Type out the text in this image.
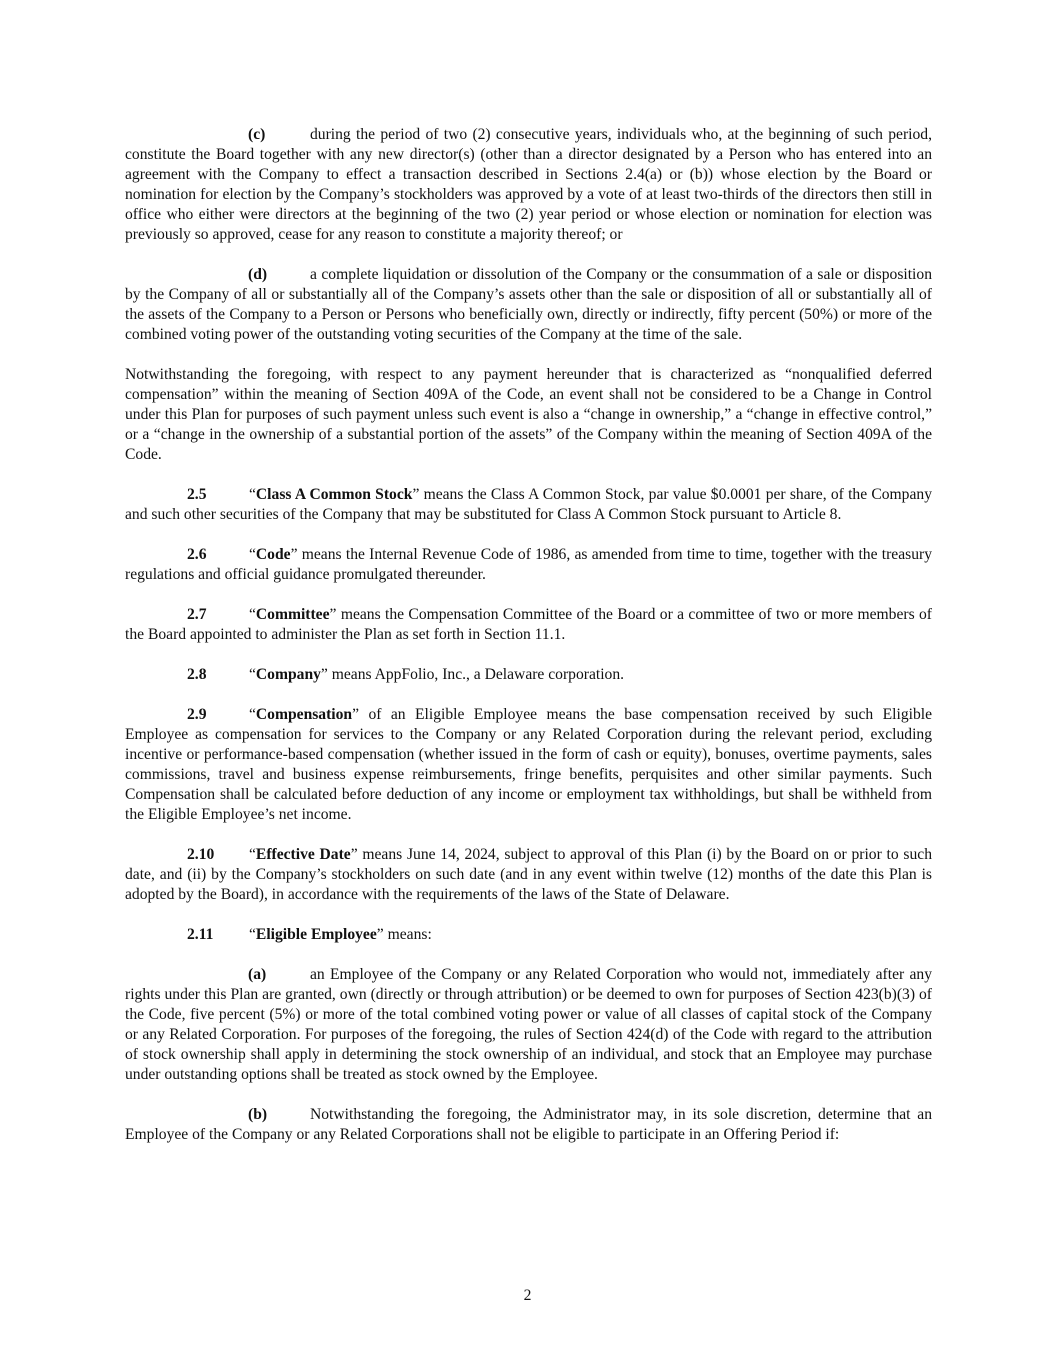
(c)	during the period of two (2) consecutive years, individuals who, at the beginning of such period, constitute the Board together with any new director(s) (other than a director designated by a Person who has entered into an agreement with the Company to effect a transaction described in Sections 2.4(a) or (b)) whose election by the Board or nomination for election by the Company’s stockholders was approved by a vote of at least two-thirds of the directors then still in office who either were directors at the beginning of the two (2) year period or whose election or nomination for election was previously so approved, cease for any reason to constitute a majority thereof; or

(d)	a complete liquidation or dissolution of the Company or the consummation of a sale or disposition by the Company of all or substantially all of the Company’s assets other than the sale or disposition of all or substantially all of the assets of the Company to a Person or Persons who beneficially own, directly or indirectly, fifty percent (50%) or more of the combined voting power of the outstanding voting securities of the Company at the time of the sale.

Notwithstanding the foregoing, with respect to any payment hereunder that is characterized as “nonqualified deferred compensation” within the meaning of Section 409A of the Code, an event shall not be considered to be a Change in Control under this Plan for purposes of such payment unless such event is also a “change in ownership,” a “change in effective control,” or a “change in the ownership of a substantial portion of the assets” of the Company within the meaning of Section 409A of the Code.

2.5	“Class A Common Stock” means the Class A Common Stock, par value $0.0001 per share, of the Company and such other securities of the Company that may be substituted for Class A Common Stock pursuant to Article 8.

2.6	“Code” means the Internal Revenue Code of 1986, as amended from time to time, together with the treasury regulations and official guidance promulgated thereunder.

2.7	“Committee” means the Compensation Committee of the Board or a committee of two or more members of the Board appointed to administer the Plan as set forth in Section 11.1.

2.8	“Company” means AppFolio, Inc., a Delaware corporation.

2.9	“Compensation” of an Eligible Employee means the base compensation received by such Eligible Employee as compensation for services to the Company or any Related Corporation during the relevant period, excluding incentive or performance-based compensation (whether issued in the form of cash or equity), bonuses, overtime payments, sales commissions, travel and business expense reimbursements, fringe benefits, perquisites and other similar payments. Such Compensation shall be calculated before deduction of any income or employment tax withholdings, but shall be withheld from the Eligible Employee’s net income.

2.10 “Effective Date” means June 14, 2024, subject to approval of this Plan (i) by the Board on or prior to such date, and (ii) by the Company’s stockholders on such date (and in any event within twelve (12) months of the date this Plan is adopted by the Board), in accordance with the requirements of the laws of the State of Delaware.

2.11 “Eligible Employee” means:

(a)	an Employee of the Company or any Related Corporation who would not, immediately after any rights under this Plan are granted, own (directly or through attribution) or be deemed to own for purposes of Section 423(b)(3) of the Code, five percent (5%) or more of the total combined voting power or value of all classes of capital stock of the Company or any Related Corporation. For purposes of the foregoing, the rules of Section 424(d) of the Code with regard to the attribution of stock ownership shall apply in determining the stock ownership of an individual, and stock that an Employee may purchase under outstanding options shall be treated as stock owned by the Employee.

(b)	Notwithstanding the foregoing, the Administrator may, in its sole discretion, determine that an Employee of the Company or any Related Corporations shall not be eligible to participate in an Offering Period if:

2
